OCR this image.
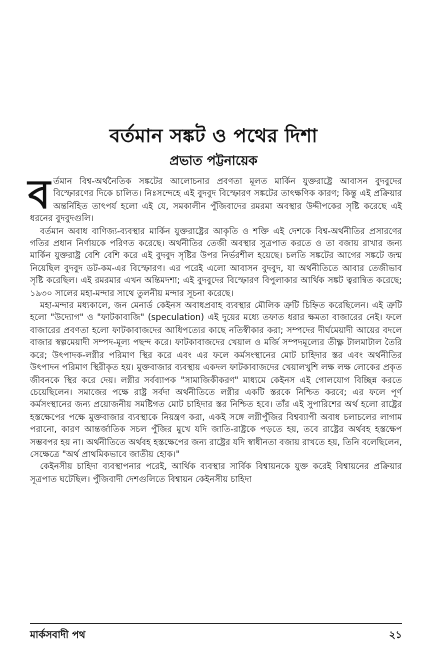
বর্তমান সঙ্কট ও পথের দিশা
প্রভাত পট্টনায়েক

বর্তমান বিশ্ব-অর্থনৈতিক সঙ্কটের আলোচনার প্রবণতা মূলত মার্কিন যুক্তরাষ্ট্রে আবাসন বুদবুদের বিস্ফোরণের দিকে চালিত। নিঃসন্দেহে এই বুদবুদ বিস্ফোরণ সঙ্কটের তাৎক্ষণিক কারণ; কিন্তু এই প্রক্রিয়ার অন্তর্নিহিত তাৎপর্য হলো এই যে, সমকালীন পুঁজিবাদের রমরমা অবস্থার উদ্দীপকের সৃষ্টি করেছে এই ধরনের বুদবুদগুলি।

বর্তমান অবাধ বাণিজ্য-ব্যবস্থার মার্কিন যুক্তরাষ্ট্রের আকৃতি ও শক্তি এই দেশকে বিশ্ব-অর্থনীতির প্রসারণের গতির প্রধান নির্ণায়কে পরিণত করেছে। অর্থনীতির তেজী অবস্থার সুত্রপাত করতে ও তা বজায় রাখার জন্য মার্কিন যুক্তরাষ্ট্র বেশি বেশি করে এই বুদবুদ সৃষ্টির উপর নির্ভরশীল হয়েছে। চলতি সঙ্কটের আগের সঙ্কটে জন্ম নিয়েছিল বুদবুদ ডট-কম-এর বিস্ফোরণ। এর পরেই এলো আবাসন বুদবুদ, যা অর্থনীতিতে আবার তেজীভাব সৃষ্টি করেছিল। এই রমরমার এখন অন্তিমদশা; এই বুদবুদের বিস্ফোরণ বিপুলাকার আর্থিক সঙ্কট ত্বরান্বিত করেছে; ১৯৩০ সালের মহা-মন্দার সাথে তুলনীয় মন্দার সূচনা করেছে।

মহা-মন্দার মধ্যকালে, জন মেনার্ড কেইনস অবাধপ্রবাহ ব্যবস্থার মৌলিক ত্রুটি চিহ্নিত করেছিলেন। এই ত্রুটি হলো "উদ্যোগ" ও "ফাটকাবাজি" (speculation) এই দুয়ের মধ্যে তফাত ধরার ক্ষমতা বাজারের নেই। ফলে বাজারের প্রবণতা হলো ফাটকাবাজদের আধিপত্যের কাছে নতিস্বীকার করা; সম্পদের দীর্ঘমেয়াদী আয়ের বদলে বাজার স্বল্পমেয়াদী সম্পদ-মূল্য পছন্দ করে। ফাটকাবাজদের খেয়াল ও মর্জি সম্পদমূল্যের তীক্ষ্ণ টালমাটাল তৈরি করে; উৎপাদক-লগ্নীর পরিমাণ স্থির করে এবং এর ফলে কর্মসংস্থানের মোট চাহিদার স্তর এবং অর্থনীতির উৎপাদন পরিমাণ স্থিরীকৃত হয়। মুক্তবাজার ব্যবস্থায় একদল ফাটকাবাজদের খেয়ালখুশি লক্ষ লক্ষ লোকের প্রকৃত জীবনকে স্থির করে দেয়। লগ্নীর সর্বব্যাপক "সামাজিকীকরণ" মাধ্যমে কেইনস এই গোলযোগ বিচ্ছিন্ন করতে চেয়েছিলেন। সমাজের পক্ষে রাষ্ট্র সর্বদা অর্থনীতিতে লগ্নীর একটি স্তরকে নিশ্চিত করবে; এর ফলে পূর্ণ কর্মসংস্থানের জন্য প্রয়োজনীয় সমষ্টিগত মোট চাহিদার স্তর নিশ্চিত হবে। তাঁর এই সুপারিশের অর্থ হলো রাষ্ট্রের হস্তক্ষেপের পক্ষে মুক্তবাজার ব্যবস্থাকে নিয়ন্ত্রণ করা, একই সঙ্গে লগ্নীপুঁজির বিশ্বব্যাপী অবাধ চলাচলের লাগাম পরানো, কারণ আন্তর্জাতিক সচল পুঁজির মুখে যদি জাতি-রাষ্ট্রকে পড়তে হয়, তবে রাষ্ট্রের অর্থবহ হস্তক্ষেপ সম্ভবপর হয় না। অর্থনীতিতে অর্থবহ হস্তক্ষেপের জন্য রাষ্ট্রের যদি স্বাধীনতা বজায় রাখতে হয়, তিনি বলেছিলেন, সেক্ষেত্রে "অর্থ প্রাথমিকভাবে জাতীয় হোক।"

কেইনসীয় চাহিদা ব্যবস্থাপনার পরেই, আর্থিক ব্যবস্থার সার্বিক বিশ্বায়নকে যুক্ত করেই বিশ্বায়নের প্রক্রিয়ার সূত্রপাত ঘটেছিল। পুঁজিবাদী দেশগুলিতে বিশ্বায়ন কেইনসীয় চাহিদা

মার্কসবাদী পথ	২১
